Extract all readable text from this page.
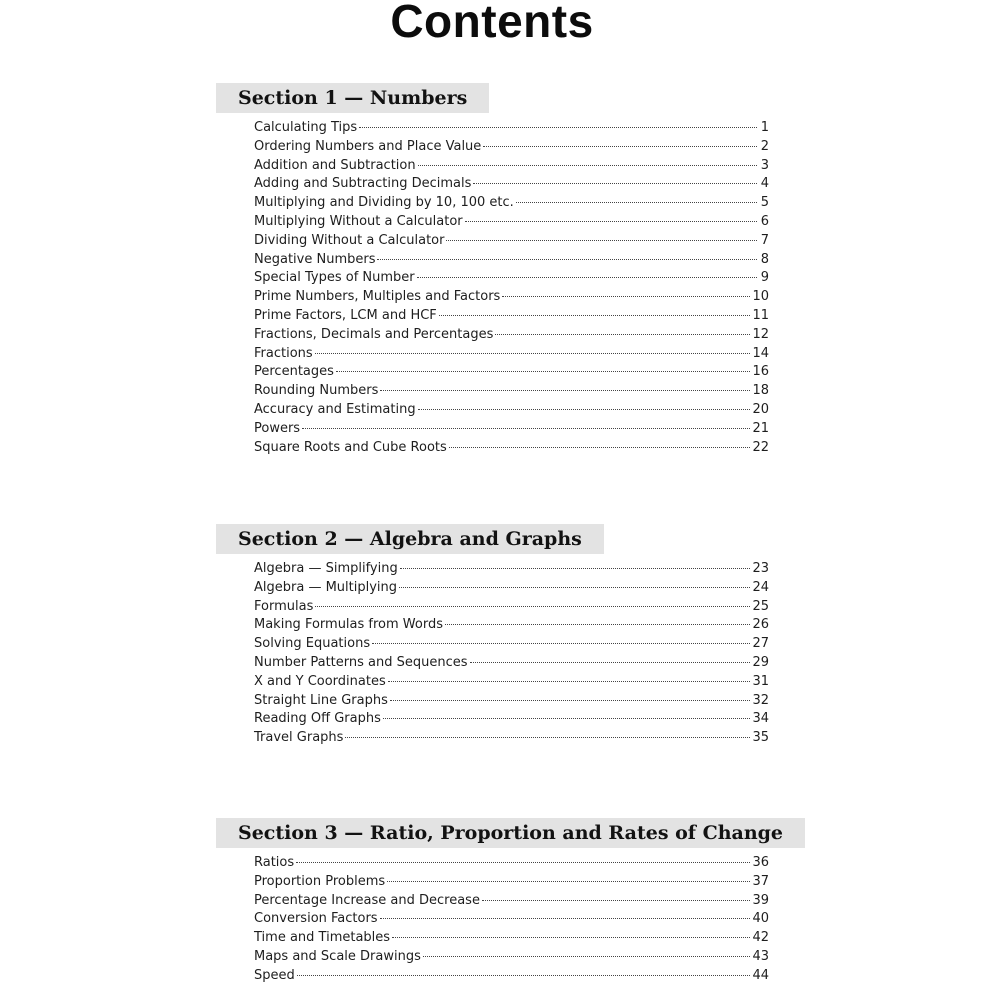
Contents
Section 1 — Numbers
Calculating Tips	1
Ordering Numbers and Place Value	2
Addition and Subtraction	3
Adding and Subtracting Decimals	4
Multiplying and Dividing by 10, 100 etc.	5
Multiplying Without a Calculator	6
Dividing Without a Calculator	7
Negative Numbers	8
Special Types of Number	9
Prime Numbers, Multiples and Factors	10
Prime Factors, LCM and HCF	11
Fractions, Decimals and Percentages	12
Fractions	14
Percentages	16
Rounding Numbers	18
Accuracy and Estimating	20
Powers	21
Square Roots and Cube Roots	22
Section 2 — Algebra and Graphs
Algebra — Simplifying	23
Algebra — Multiplying	24
Formulas	25
Making Formulas from Words	26
Solving Equations	27
Number Patterns and Sequences	29
X and Y Coordinates	31
Straight Line Graphs	32
Reading Off Graphs	34
Travel Graphs	35
Section 3 — Ratio, Proportion and Rates of Change
Ratios	36
Proportion Problems	37
Percentage Increase and Decrease	39
Conversion Factors	40
Time and Timetables	42
Maps and Scale Drawings	43
Speed	44
